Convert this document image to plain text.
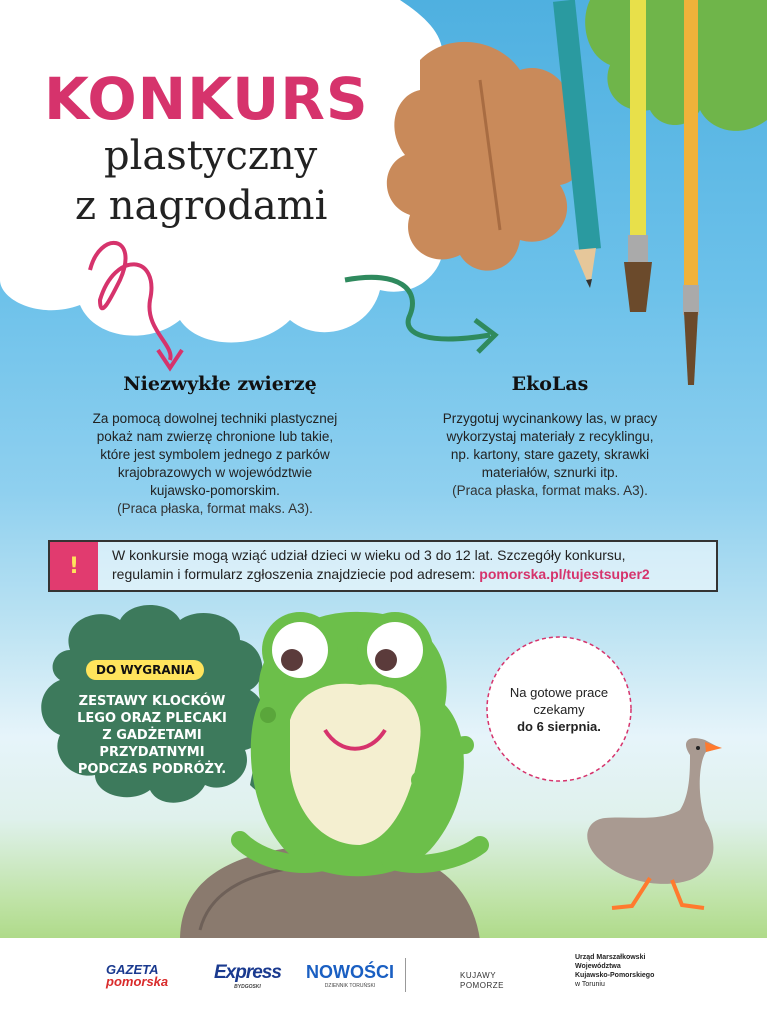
KONKURS
plastyczny
z nagrodami
Niezwykłe zwierzę
Za pomocą dowolnej techniki plastycznej
pokaż nam zwierzę chronione lub takie,
które jest symbolem jednego z parków
krajobrazowych w województwie
kujawsko-pomorskim.
(Praca płaska, format maks. A3).
EkoLas
Przygotuj wycinankowy las, w pracy
wykorzystaj materiały z recyklingu,
np. kartony, stare gazety, skrawki
materiałów, sznurki itp.
(Praca płaska, format maks. A3).
!	W konkursie mogą wziąć udział dzieci w wieku od 3 do 12 lat. Szczegóły konkursu,
regulamin i formularz zgłoszenia znajdziecie pod adresem: pomorska.pl/tujestsuper2
DO WYGRANIA
ZESTAWY KLOCKÓW
LEGO ORAZ PLECAKI
Z GADŻETAMI
PRZYDATNYMI
PODCZAS PODRÓŻY.
Na gotowe prace
czekamy
do 6 sierpnia.
GAZETA
pomorska Express
BYDGOSKI
NOWOŚCI
DZIENNIK TORUŃSKI
KUJAWY
POMORZE
Urząd Marszałkowski
Województwa
Kujawsko-Pomorskiego
w Toruniu
